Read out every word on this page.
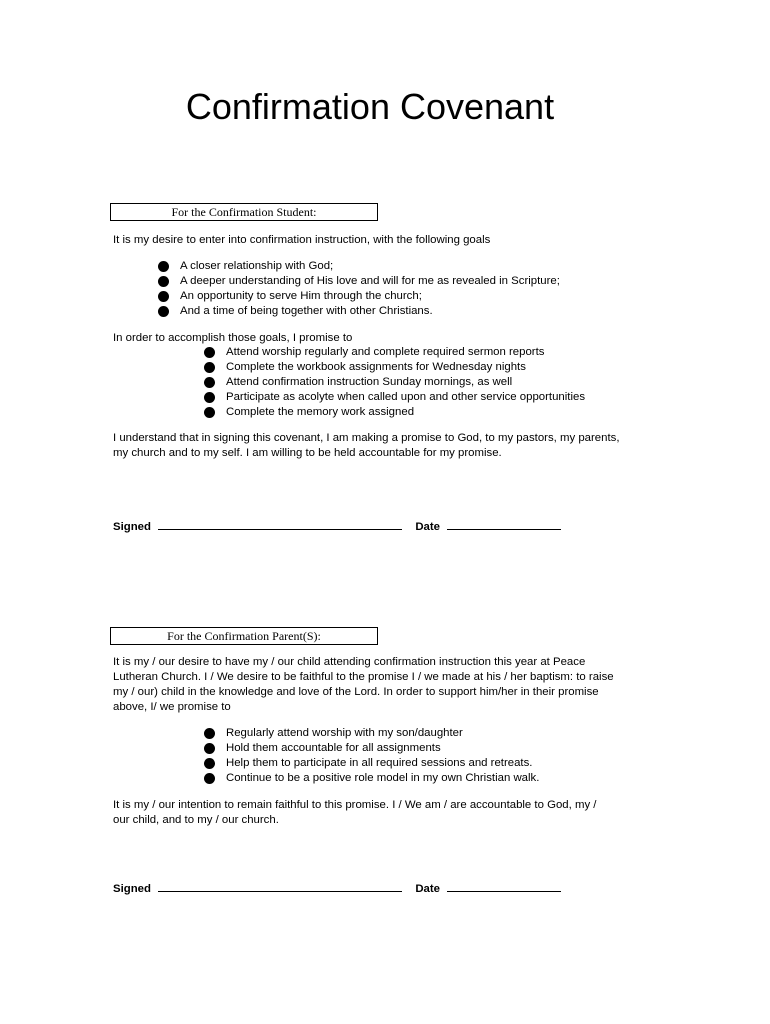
Confirmation Covenant
For the Confirmation Student:

It is my desire to enter into confirmation instruction, with the following goals

A closer relationship with God;
A deeper understanding of His love and will for me as revealed in Scripture;
An opportunity to serve Him through the church;
And a time of being together with other Christians.

In order to accomplish those goals, I promise to

Attend worship regularly and complete required sermon reports
Complete the workbook assignments for Wednesday nights
Attend confirmation instruction Sunday mornings, as well
Participate as acolyte when called upon and other service opportunities
Complete the memory work assigned

I understand that in signing this covenant, I am making a promise to God, to my pastors, my parents, my church and to my self. I am willing to be held accountable for my promise.

Signed	Date
For the Confirmation Parent(S):

It is my / our desire to have my / our child attending confirmation instruction this year at Peace Lutheran Church. I / We desire to be faithful to the promise I / we made at his / her baptism: to raise my / our) child in the knowledge and love of the Lord. In order to support him/her in their promise above, I/ we promise to

Regularly attend worship with my son/daughter
Hold them accountable for all assignments
Help them to participate in all required sessions and retreats.
Continue to be a positive role model in my own Christian walk.

It is my / our intention to remain faithful to this promise. I / We am / are accountable to God, my / our child, and to my / our church.

Signed	Date
